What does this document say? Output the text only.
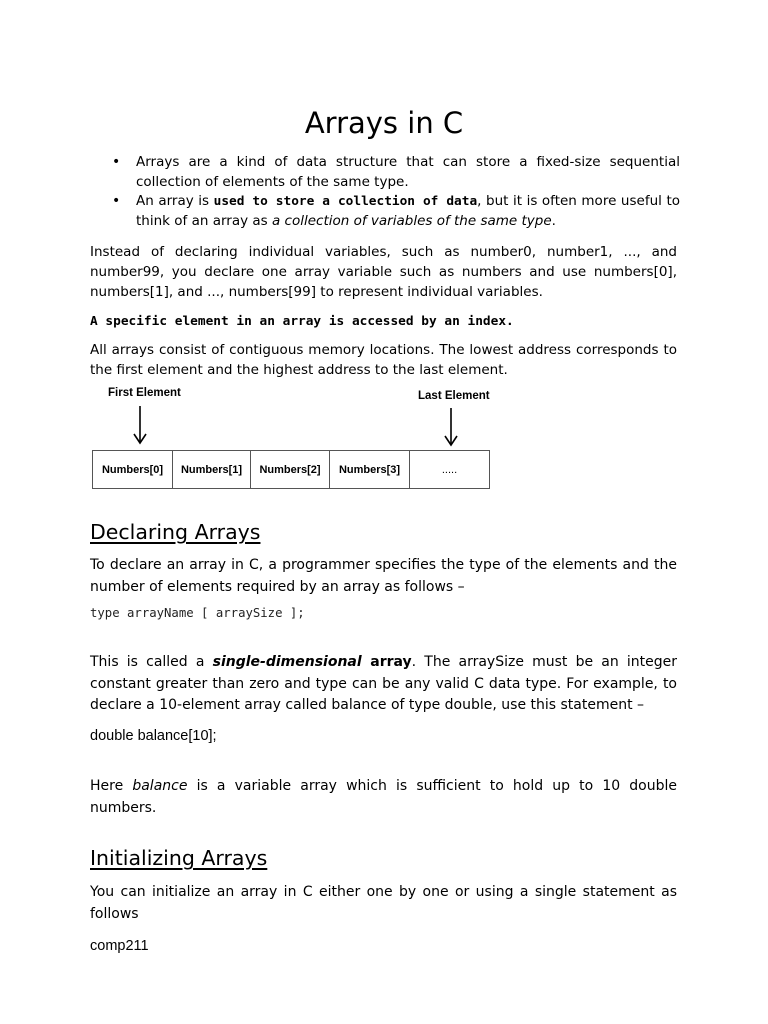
Arrays in C
• Arrays are a kind of data structure that can store a fixed-size sequential collection of elements of the same type.
• An array is used to store a collection of data, but it is often more useful to think of an array as a collection of variables of the same type.

Instead of declaring individual variables, such as number0, number1, ..., and number99, you declare one array variable such as numbers and use numbers[0], numbers[1], and ..., numbers[99] to represent individual variables.

A specific element in an array is accessed by an index.

All arrays consist of contiguous memory locations. The lowest address corresponds to the first element and the highest address to the last element.

First Element	Last Element
Numbers[0]	Numbers[1]	Numbers[2]	Numbers[3]	.....
Declaring Arrays

To declare an array in C, a programmer specifies the type of the elements and the number of elements required by an array as follows –

type arrayName [ arraySize ];

This is called a single-dimensional array. The arraySize must be an integer constant greater than zero and type can be any valid C data type. For example, to declare a 10-element array called balance of type double, use this statement –

double balance[10];

Here balance is a variable array which is sufficient to hold up to 10 double numbers.

Initializing Arrays

You can initialize an array in C either one by one or using a single statement as follows

comp211
